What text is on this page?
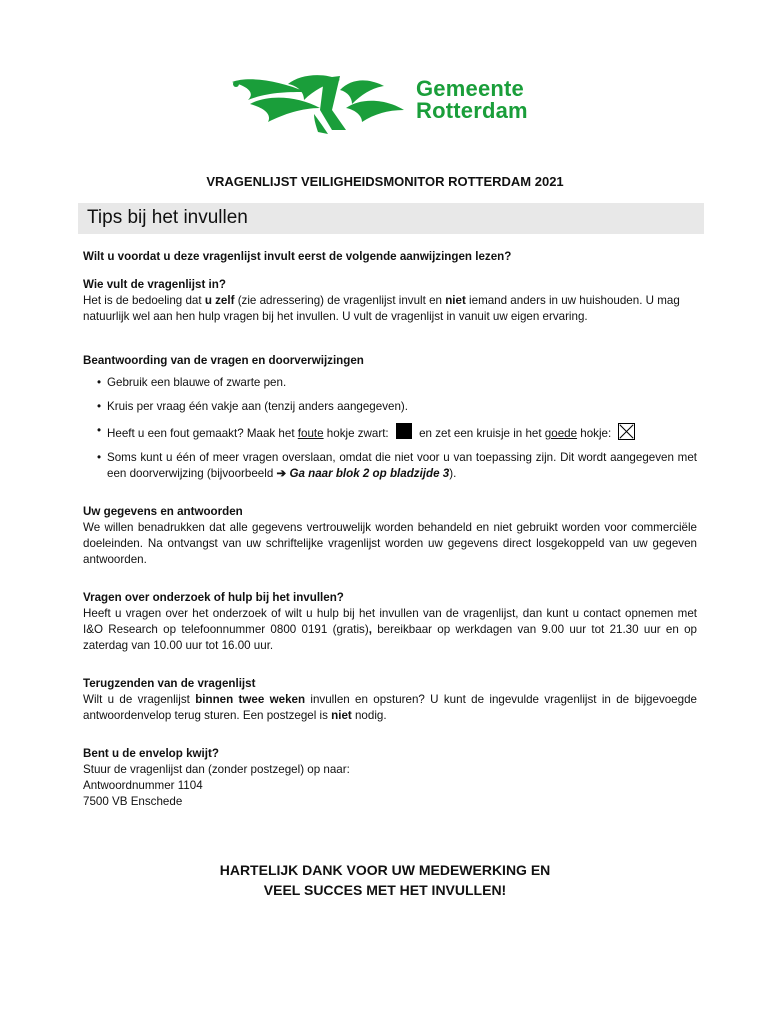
Gemeente
Rotterdam
VRAGENLIJST VEILIGHEIDSMONITOR ROTTERDAM 2021
Tips bij het invullen

Wilt u voordat u deze vragenlijst invult eerst de volgende aanwijzingen lezen?

Wie vult de vragenlijst in?

Het is de bedoeling dat u zelf (zie adressering) de vragenlijst invult en niet iemand anders in uw huishouden. U mag natuurlijk wel aan hen hulp vragen bij het invullen. U vult de vragenlijst in vanuit uw eigen ervaring.

Beantwoording van de vragen en doorverwijzingen
• Gebruik een blauwe of zwarte pen.
• Kruis per vraag één vakje aan (tenzij anders aangegeven).
• Heeft u een fout gemaakt? Maak het foute hokje zwart:  en zet een kruisje in het goede hokje:
• Soms kunt u één of meer vragen overslaan, omdat die niet voor u van toepassing zijn. Dit wordt aangegeven met een doorverwijzing (bijvoorbeeld ➔ Ga naar blok 2 op bladzijde 3).
Uw gegevens en antwoorden

We willen benadrukken dat alle gegevens vertrouwelijk worden behandeld en niet gebruikt worden voor commerciële doeleinden. Na ontvangst van uw schriftelijke vragenlijst worden uw gegevens direct losgekoppeld van uw gegeven antwoorden.

Vragen over onderzoek of hulp bij het invullen?

Heeft u vragen over het onderzoek of wilt u hulp bij het invullen van de vragenlijst, dan kunt u contact opnemen met I&O Research op telefoonnummer 0800 0191 (gratis), bereikbaar op werkdagen van 9.00 uur tot 21.30 uur en op zaterdag van 10.00 uur tot 16.00 uur.

Terugzenden van de vragenlijst

Wilt u de vragenlijst binnen twee weken invullen en opsturen? U kunt de ingevulde vragenlijst in de bijgevoegde antwoordenvelop terug sturen. Een postzegel is niet nodig.

Bent u de envelop kwijt?

Stuur de vragenlijst dan (zonder postzegel) op naar:

Antwoordnummer 1104

7500 VB Enschede

HARTELIJK DANK VOOR UW MEDEWERKING EN
VEEL SUCCES MET HET INVULLEN!
